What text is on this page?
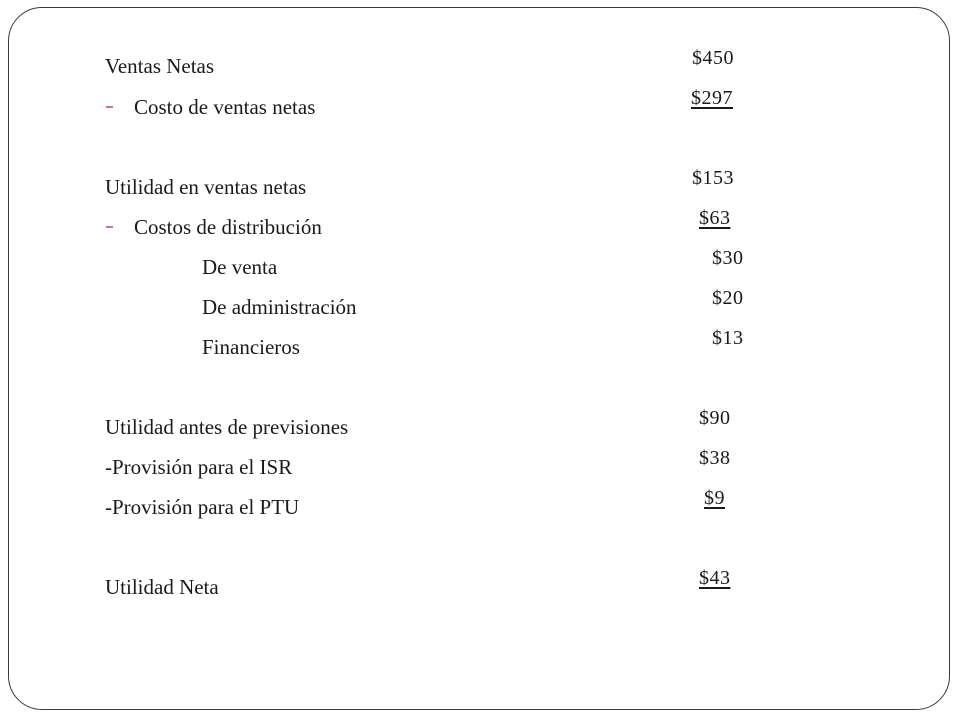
Ventas Netas
Costo de ventas netas
Utilidad en ventas netas
Costos de distribución
De venta
De administración
Financieros
Utilidad antes de previsiones
-Provisión para el ISR
-Provisión para el PTU
Utilidad Neta
$450
$297
$153
$63
$30
$20
$13
$90
$38
$9
$43
